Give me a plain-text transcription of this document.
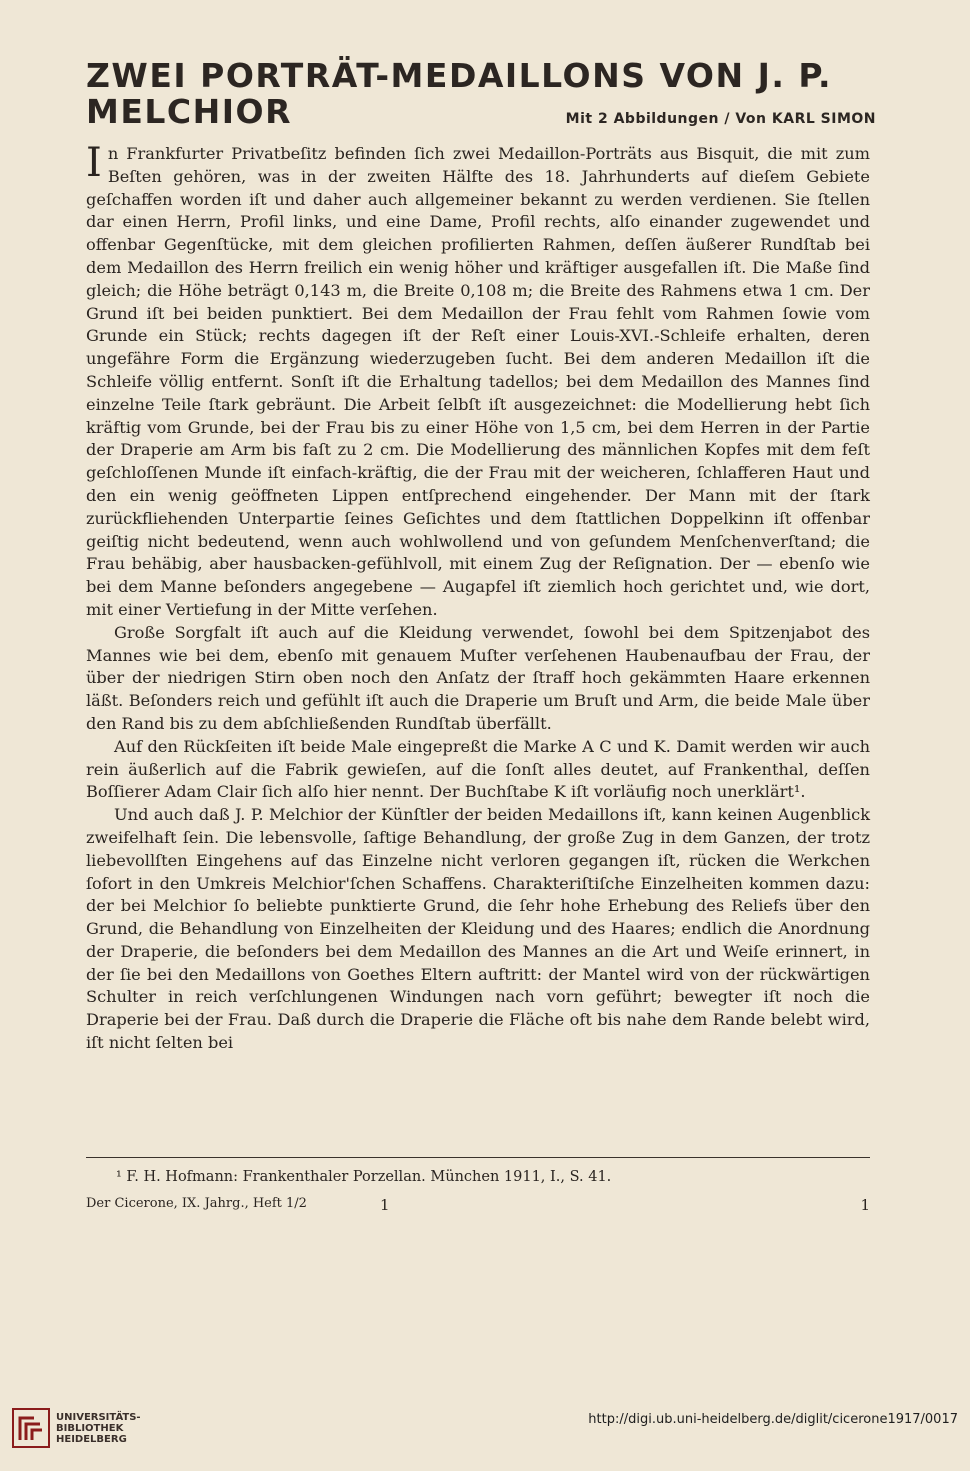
ZWEI PORTRÄT-MEDAILLONS VON J. P.
MELCHIOR	Mit 2 Abbildungen / Von KARL SIMON

In Frankfurter Privatbeſitz befinden ſich zwei Medaillon-Porträts aus Bisquit, die mit zum Beſten gehören, was in der zweiten Hälfte des 18. Jahrhunderts auf dieſem Gebiete geſchaffen worden iſt und daher auch allgemeiner bekannt zu werden verdienen. Sie ſtellen dar einen Herrn, Profil links, und eine Dame, Profil rechts, alſo einander zugewendet und offenbar Gegenſtücke, mit dem gleichen profilierten Rahmen, deſſen äußerer Rundſtab bei dem Medaillon des Herrn freilich ein wenig höher und kräftiger ausgefallen iſt. Die Maße ſind gleich; die Höhe beträgt 0,143 m, die Breite 0,108 m; die Breite des Rahmens etwa 1 cm. Der Grund iſt bei beiden punktiert. Bei dem Medaillon der Frau fehlt vom Rahmen ſowie vom Grunde ein Stück; rechts dagegen iſt der Reſt einer Louis-XVI.-Schleife erhalten, deren ungefähre Form die Ergänzung wiederzugeben ſucht. Bei dem anderen Medaillon iſt die Schleife völlig entfernt. Sonſt iſt die Erhaltung tadellos; bei dem Medaillon des Mannes ſind einzelne Teile ſtark gebräunt. Die Arbeit ſelbſt iſt ausgezeichnet: die Modellierung hebt ſich kräftig vom Grunde, bei der Frau bis zu einer Höhe von 1,5 cm, bei dem Herren in der Partie der Draperie am Arm bis faſt zu 2 cm. Die Modellierung des männlichen Kopfes mit dem feſt geſchloſſenen Munde iſt einfach-kräftig, die der Frau mit der weicheren, ſchlafferen Haut und den ein wenig geöffneten Lippen entſprechend eingehender. Der Mann mit der ſtark zurückfliehenden Unterpartie ſeines Geſichtes und dem ſtattlichen Doppelkinn iſt offenbar geiſtig nicht bedeutend, wenn auch wohlwollend und von geſundem Menſchenverſtand; die Frau behäbig, aber hausbacken-gefühlvoll, mit einem Zug der Reſignation. Der — ebenſo wie bei dem Manne beſonders angegebene — Augapfel iſt ziemlich hoch gerichtet und, wie dort, mit einer Vertiefung in der Mitte verſehen.

Große Sorgfalt iſt auch auf die Kleidung verwendet, ſowohl bei dem Spitzenjabot des Mannes wie bei dem, ebenſo mit genauem Muſter verſehenen Haubenaufbau der Frau, der über der niedrigen Stirn oben noch den Anſatz der ſtraff hoch gekämmten Haare erkennen läßt. Beſonders reich und gefühlt iſt auch die Draperie um Bruſt und Arm, die beide Male über den Rand bis zu dem abſchließenden Rundſtab überfällt.

Auf den Rückſeiten iſt beide Male eingepreßt die Marke A C und K. Damit werden wir auch rein äußerlich auf die Fabrik gewieſen, auf die ſonſt alles deutet, auf Frankenthal, deſſen Boſſierer Adam Clair ſich alſo hier nennt. Der Buchſtabe K iſt vorläufig noch unerklärt¹.

Und auch daß J. P. Melchior der Künſtler der beiden Medaillons iſt, kann keinen Augenblick zweifelhaft ſein. Die lebensvolle, ſaftige Behandlung, der große Zug in dem Ganzen, der trotz liebevollſten Eingehens auf das Einzelne nicht verloren gegangen iſt, rücken die Werkchen ſofort in den Umkreis Melchior'ſchen Schaffens. Charakteriſtiſche Einzelheiten kommen dazu: der bei Melchior ſo beliebte punktierte Grund, die ſehr hohe Erhebung des Reliefs über den Grund, die Behandlung von Einzelheiten der Kleidung und des Haares; endlich die Anordnung der Draperie, die beſonders bei dem Medaillon des Mannes an die Art und Weiſe erinnert, in der ſie bei den Medaillons von Goethes Eltern auftritt: der Mantel wird von der rückwärtigen Schulter in reich verſchlungenen Windungen nach vorn geführt; bewegter iſt noch die Draperie bei der Frau. Daß durch die Draperie die Fläche oft bis nahe dem Rande belebt wird, iſt nicht ſelten bei

¹ F. H. Hofmann: Frankenthaler Porzellan. München 1911, I., S. 41.
Der Cicerone, IX. Jahrg., Heft 1/2	1	1
UNIVERSITÄTS-
BIBLIOTHEK
HEIDELBERG
http://digi.ub.uni-heidelberg.de/diglit/cicerone1917/0017
